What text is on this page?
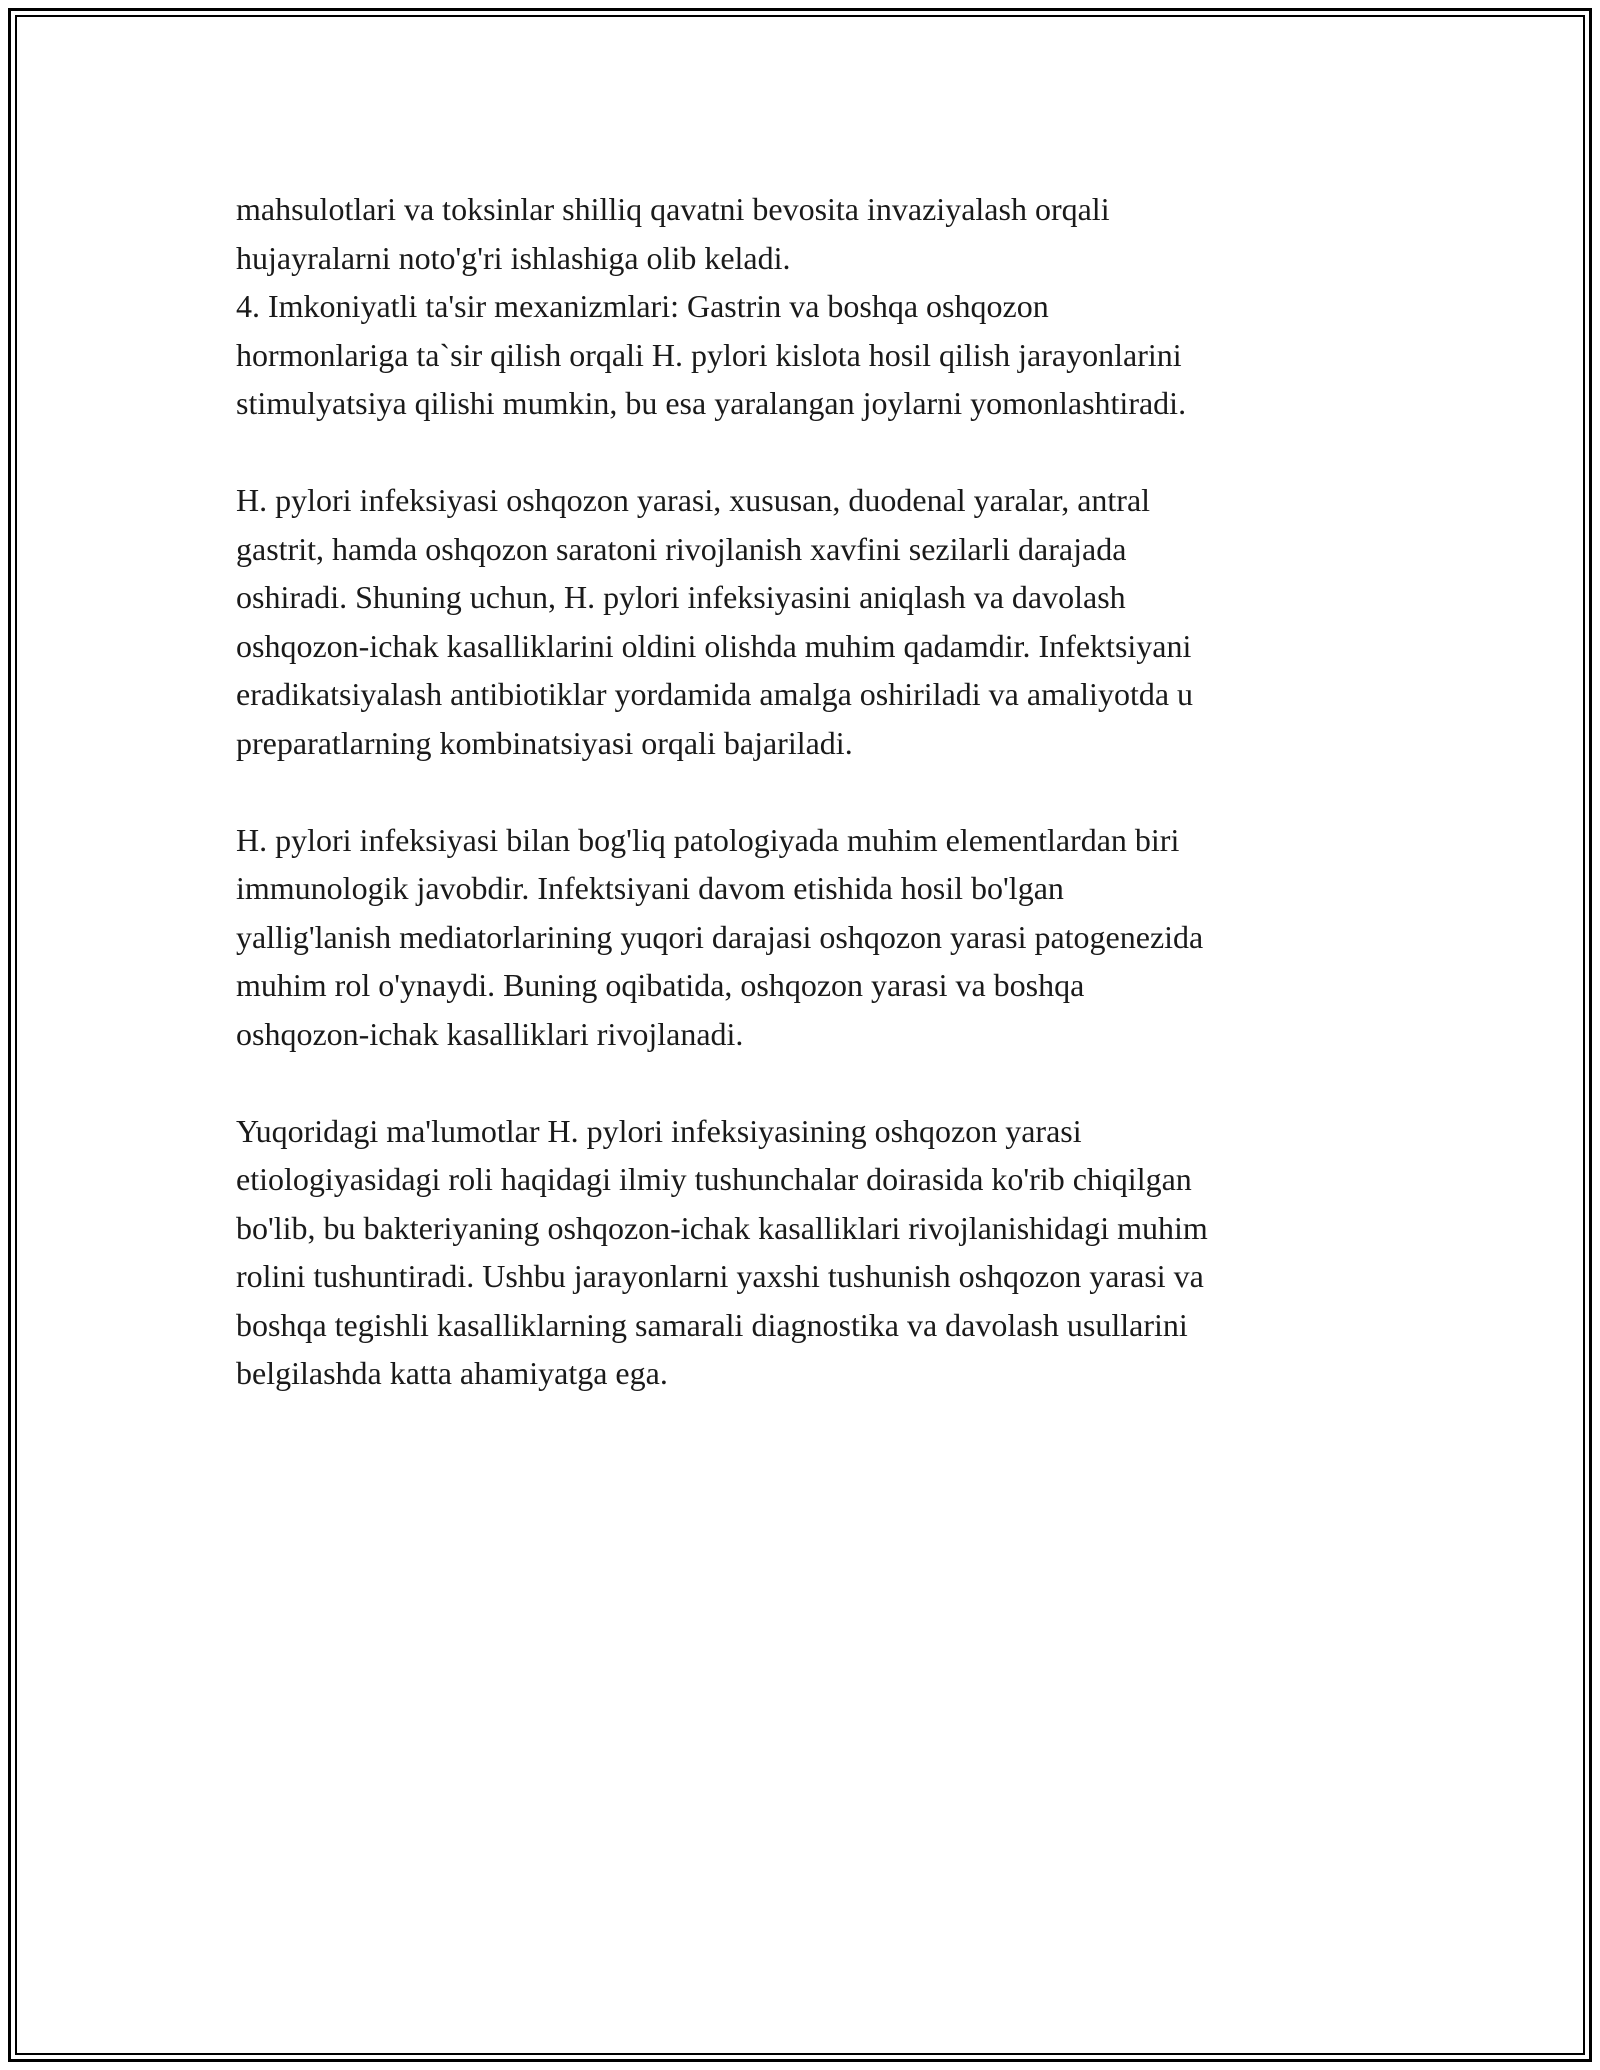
mahsulotlari va toksinlar shilliq qavatni bevosita invaziyalash orqali
hujayralarni noto'g'ri ishlashiga olib keladi.
4. Imkoniyatli ta'sir mexanizmlari: Gastrin va boshqa oshqozon
hormonlariga ta`sir qilish orqali H. pylori kislota hosil qilish jarayonlarini
stimulyatsiya qilishi mumkin, bu esa yaralangan joylarni yomonlashtiradi.
H. pylori infeksiyasi oshqozon yarasi, xususan, duodenal yaralar, antral
gastrit, hamda oshqozon saratoni rivojlanish xavfini sezilarli darajada
oshiradi. Shuning uchun, H. pylori infeksiyasini aniqlash va davolash
oshqozon-ichak kasalliklarini oldini olishda muhim qadamdir. Infektsiyani
eradikatsiyalash antibiotiklar yordamida amalga oshiriladi va amaliyotda u
preparatlarning kombinatsiyasi orqali bajariladi.
H. pylori infeksiyasi bilan bog'liq patologiyada muhim elementlardan biri
immunologik javobdir. Infektsiyani davom etishida hosil bo'lgan
yallig'lanish mediatorlarining yuqori darajasi oshqozon yarasi patogenezida
muhim rol o'ynaydi. Buning oqibatida, oshqozon yarasi va boshqa
oshqozon-ichak kasalliklari rivojlanadi.
Yuqoridagi ma'lumotlar H. pylori infeksiyasining oshqozon yarasi
etiologiyasidagi roli haqidagi ilmiy tushunchalar doirasida ko'rib chiqilgan
bo'lib, bu bakteriyaning oshqozon-ichak kasalliklari rivojlanishidagi muhim
rolini tushuntiradi. Ushbu jarayonlarni yaxshi tushunish oshqozon yarasi va
boshqa tegishli kasalliklarning samarali diagnostika va davolash usullarini
belgilashda katta ahamiyatga ega.
